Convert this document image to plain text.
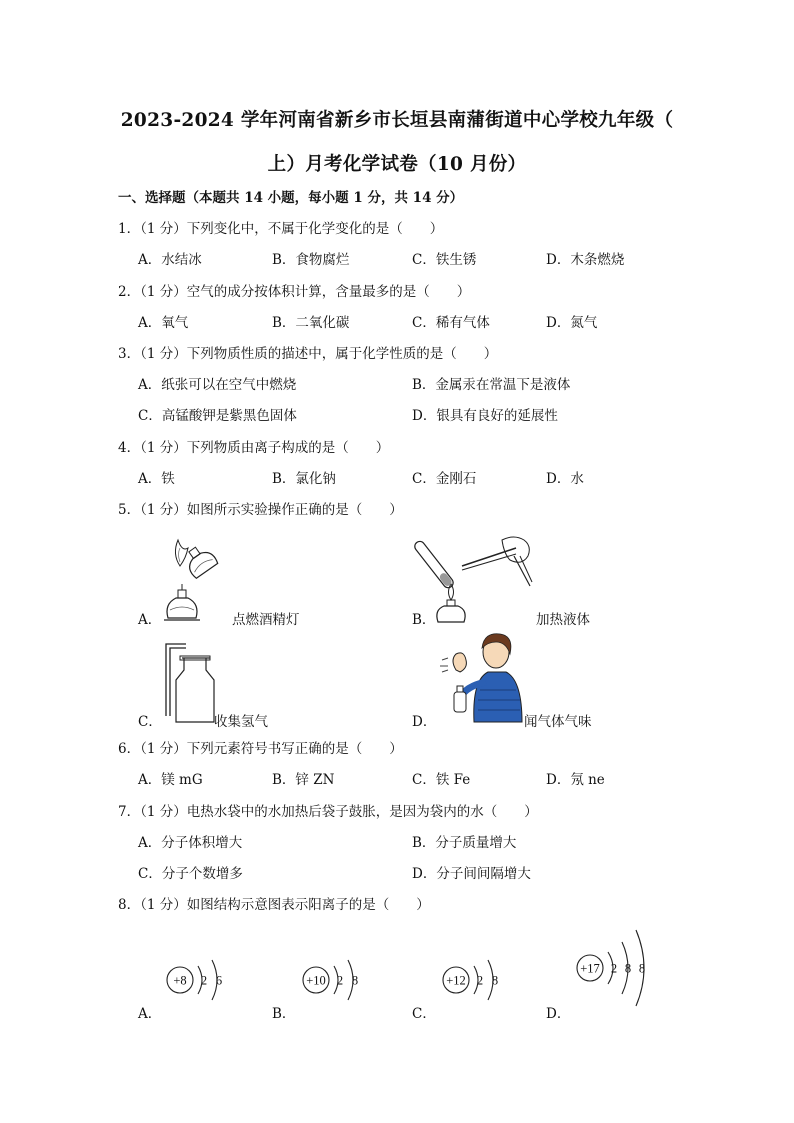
2023-2024 学年河南省新乡市长垣县南蒲街道中心学校九年级（
上）月考化学试卷（10 月份）
一、选择题（本题共 14 小题，每小题 1 分，共 14 分）
1．（1 分）下列变化中，不属于化学变化的是（　　）
A．水结冰	B．食物腐烂	C．铁生锈	D．木条燃烧
2．（1 分）空气的成分按体积计算，含量最多的是（　　）
A．氧气	B．二氧化碳	C．稀有气体	D．氮气
3．（1 分）下列物质性质的描述中，属于化学性质的是（　　）
A．纸张可以在空气中燃烧	B．金属汞在常温下是液体
C．高锰酸钾是紫黑色固体	D．银具有良好的延展性
4．（1 分）下列物质由离子构成的是（　　）
A．铁	B．氯化钠	C．金刚石	D．水
5．（1 分）如图所示实验操作正确的是（　　）
A．	点燃酒精灯	B．	加热液体
C．	收集氢气	D．	闻气体气味
6．（1 分）下列元素符号书写正确的是（　　）
A．镁 mG	B．锌 ZN	C．铁 Fe	D．氖 ne
7．（1 分）电热水袋中的水加热后袋子鼓胀，是因为袋内的水（　　）
A．分子体积增大	B．分子质量增大
C．分子个数增多	D．分子间间隔增大
8．（1 分）如图结构示意图表示阳离子的是（　　）
+8 2 6
A．
+10 2 8
B．
+12 2 8
C．
+17 2 8 8
D．
